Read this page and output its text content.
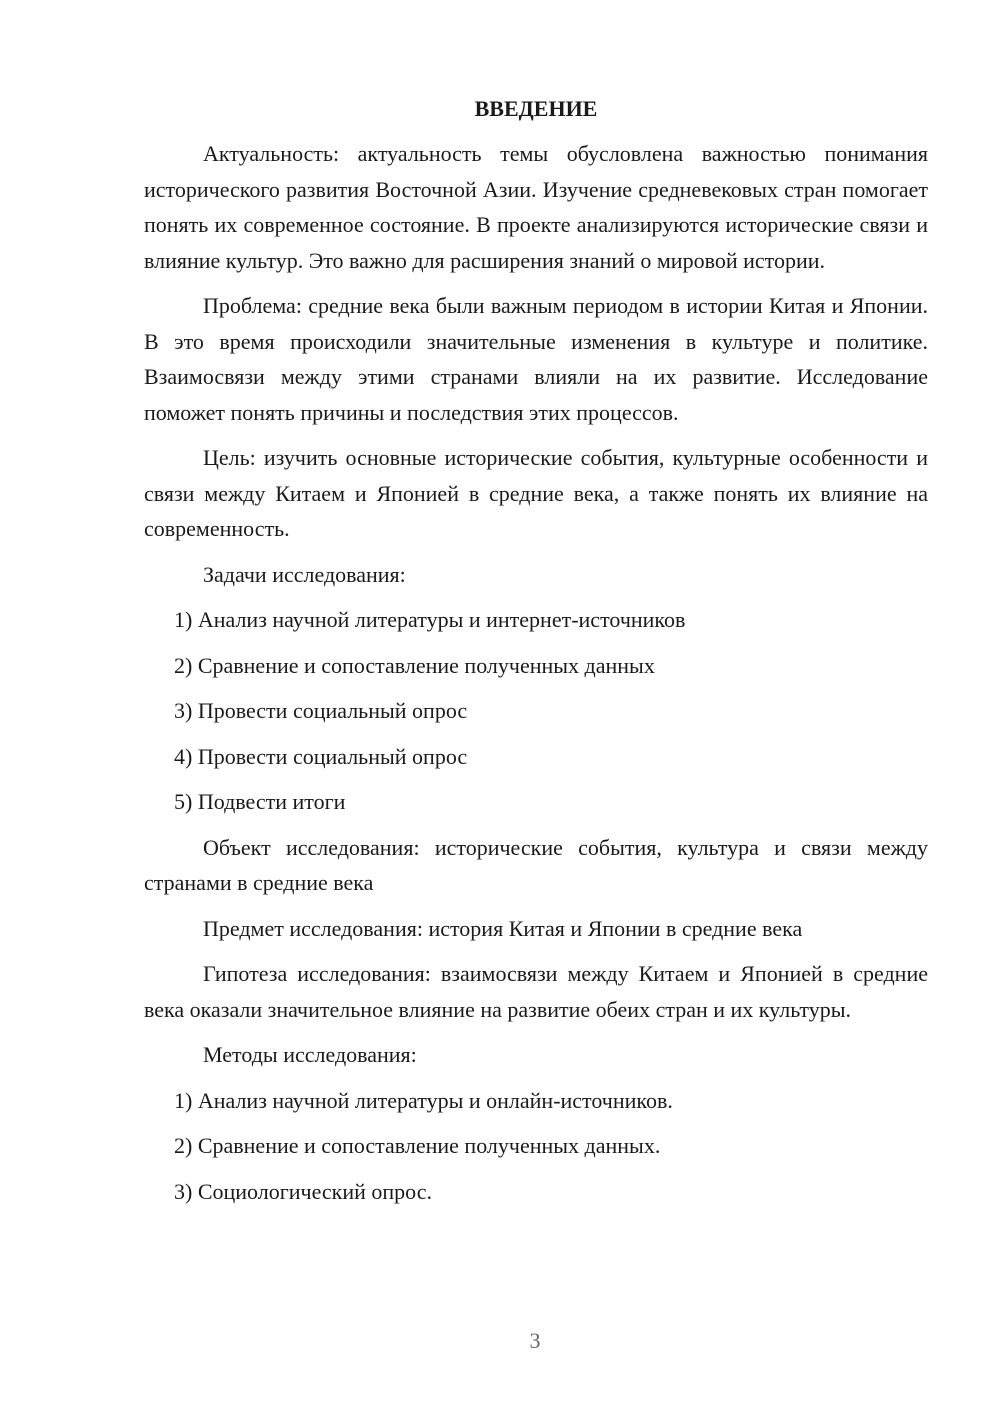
ВВЕДЕНИЕ

Актуальность: актуальность темы обусловлена важностью понимания исторического развития Восточной Азии. Изучение средневековых стран помогает понять их современное состояние. В проекте анализируются исторические связи и влияние культур. Это важно для расширения знаний о мировой истории.

Проблема: средние века были важным периодом в истории Китая и Японии. В это время происходили значительные изменения в культуре и политике. Взаимосвязи между этими странами влияли на их развитие. Исследование поможет понять причины и последствия этих процессов.

Цель: изучить основные исторические события, культурные особенности и связи между Китаем и Японией в средние века, а также понять их влияние на современность.

Задачи исследования:

1) Анализ научной литературы и интернет-источников

2) Сравнение и сопоставление полученных данных

3) Провести социальный опрос

4) Провести социальный опрос

5) Подвести итоги

Объект исследования: исторические события, культура и связи между странами в средние века

Предмет исследования: история Китая и Японии в средние века

Гипотеза исследования: взаимосвязи между Китаем и Японией в средние века оказали значительное влияние на развитие обеих стран и их культуры.

Методы исследования:

1) Анализ научной литературы и онлайн-источников.

2) Сравнение и сопоставление полученных данных.

3) Социологический опрос.

3
